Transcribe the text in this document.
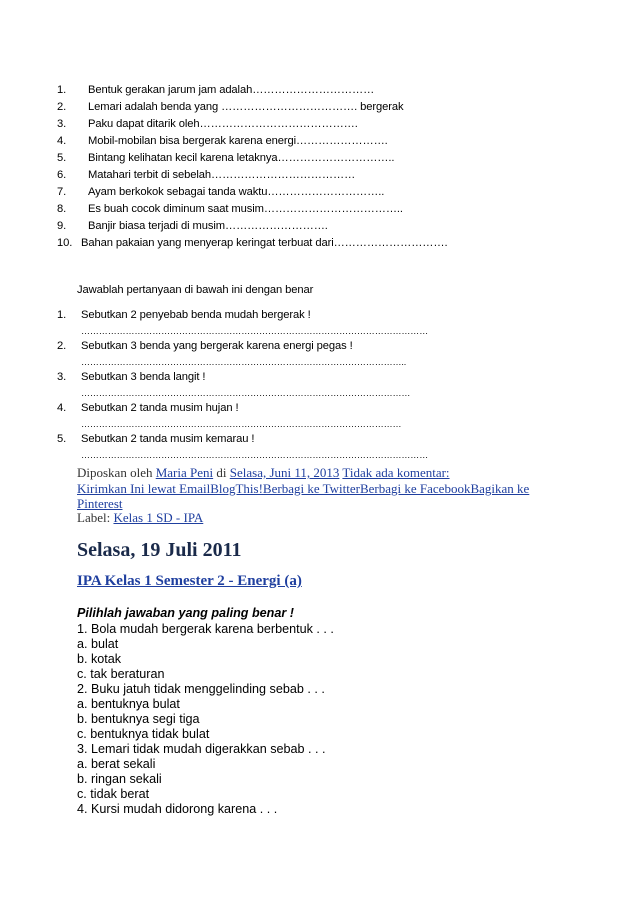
1. Bentuk gerakan jarum jam adalah……………………………
2. Lemari adalah benda yang ………………………………. bergerak
3. Paku dapat ditarik oleh…………………………………….
4. Mobil-mobilan bisa bergerak karena energi…………………….
5. Bintang kelihatan kecil karena letaknya…………………………..
6. Matahari terbit di sebelah…………………………………
7. Ayam berkokok sebagai tanda waktu…………………………..
8. Es buah cocok diminum saat musim………………………………..
9. Banjir biasa terjadi di musim……………………….
10. Bahan pakaian yang menyerap keringat terbuat dari………………………….
Jawablah pertanyaan di bawah ini dengan benar
1. Sebutkan 2 penyebab benda mudah bergerak !
………………………………………………………………………………………………………
2. Sebutkan 3 benda yang bergerak karena energi pegas !
………………………………………………………………………………………………..
3. Sebutkan 3 benda langit !
…………………………………………………………………………………………………
4. Sebutkan 2 tanda musim hujan !
………………………………………………………………………………………………
5. Sebutkan 2 tanda musim kemarau !
………………………………………………………………………………………………………
Diposkan oleh Maria Peni di Selasa, Juni 11, 2013 Tidak ada komentar:
Kirimkan Ini lewat EmailBlogThis!Berbagi ke TwitterBerbagi ke FacebookBagikan ke
Pinterest
Label: Kelas 1 SD - IPA
Selasa, 19 Juli 2011
IPA Kelas 1 Semester 2 - Energi (a)
Pilihlah jawaban yang paling benar !
1. Bola mudah bergerak karena berbentuk . . .
a. bulat
b. kotak
c. tak beraturan
2. Buku jatuh tidak menggelinding sebab . . .
a. bentuknya bulat
b. bentuknya segi tiga
c. bentuknya tidak bulat
3. Lemari tidak mudah digerakkan sebab . . .
a. berat sekali
b. ringan sekali
c. tidak berat
4. Kursi mudah didorong karena . . .
